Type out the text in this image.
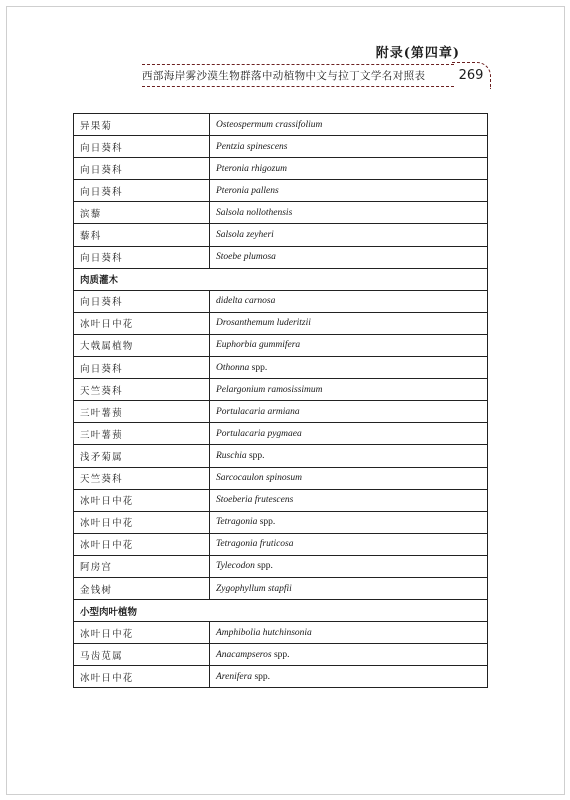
附录(第四章)
西部海岸雾沙漠生物群落中动植物中文与拉丁文学名对照表	269
异果菊	Osteospermum crassifolium
向日葵科	Pentzia spinescens
向日葵科	Pteronia rhigozum
向日葵科	Pteronia pallens
滨藜	Salsola nollothensis
藜科	Salsola zeyheri
向日葵科	Stoebe plumosa
肉质灌木	
向日葵科	didelta carnosa
冰叶日中花	Drosanthemum luderitzii
大戟属植物	Euphorbia gummifera
向日葵科	Othonna spp.
天竺葵科	Pelargonium ramosissimum
三叶薯蓣	Portulacaria armiana
三叶薯蓣	Portulacaria pygmaea
浅矛菊属	Ruschia spp.
天竺葵科	Sarcocaulon spinosum
冰叶日中花	Stoeberia frutescens
冰叶日中花	Tetragonia spp.
冰叶日中花	Tetragonia fruticosa
阿房宫	Tylecodon spp.
金钱树	Zygophyllum stapfii
小型肉叶植物	
冰叶日中花	Amphibolia hutchinsonia
马齿苋属	Anacampseros spp.
冰叶日中花	Arenifera spp.
